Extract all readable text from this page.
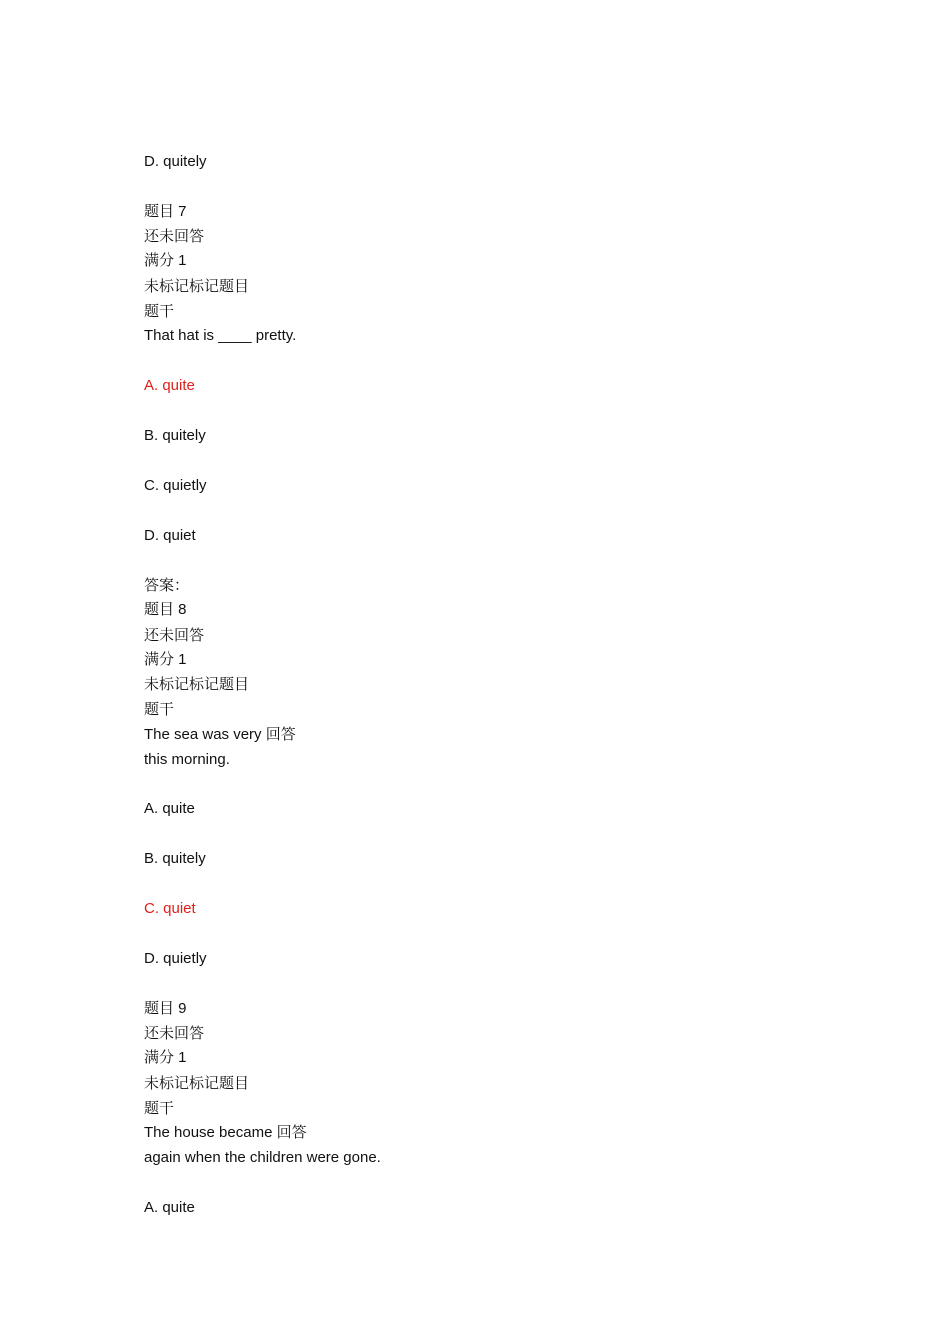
D. quitely
题目 7
还未回答
满分 1
未标记标记题目
题干
That hat is ____ pretty.
A. quite
B. quitely
C. quietly
D. quiet
答案：
题目 8
还未回答
满分 1
未标记标记题目
题干
The sea was very 回答
this morning.
A. quite
B. quitely
C. quiet
D. quietly
题目 9
还未回答
满分 1
未标记标记题目
题干
The house became 回答
again when the children were gone.
A. quite
